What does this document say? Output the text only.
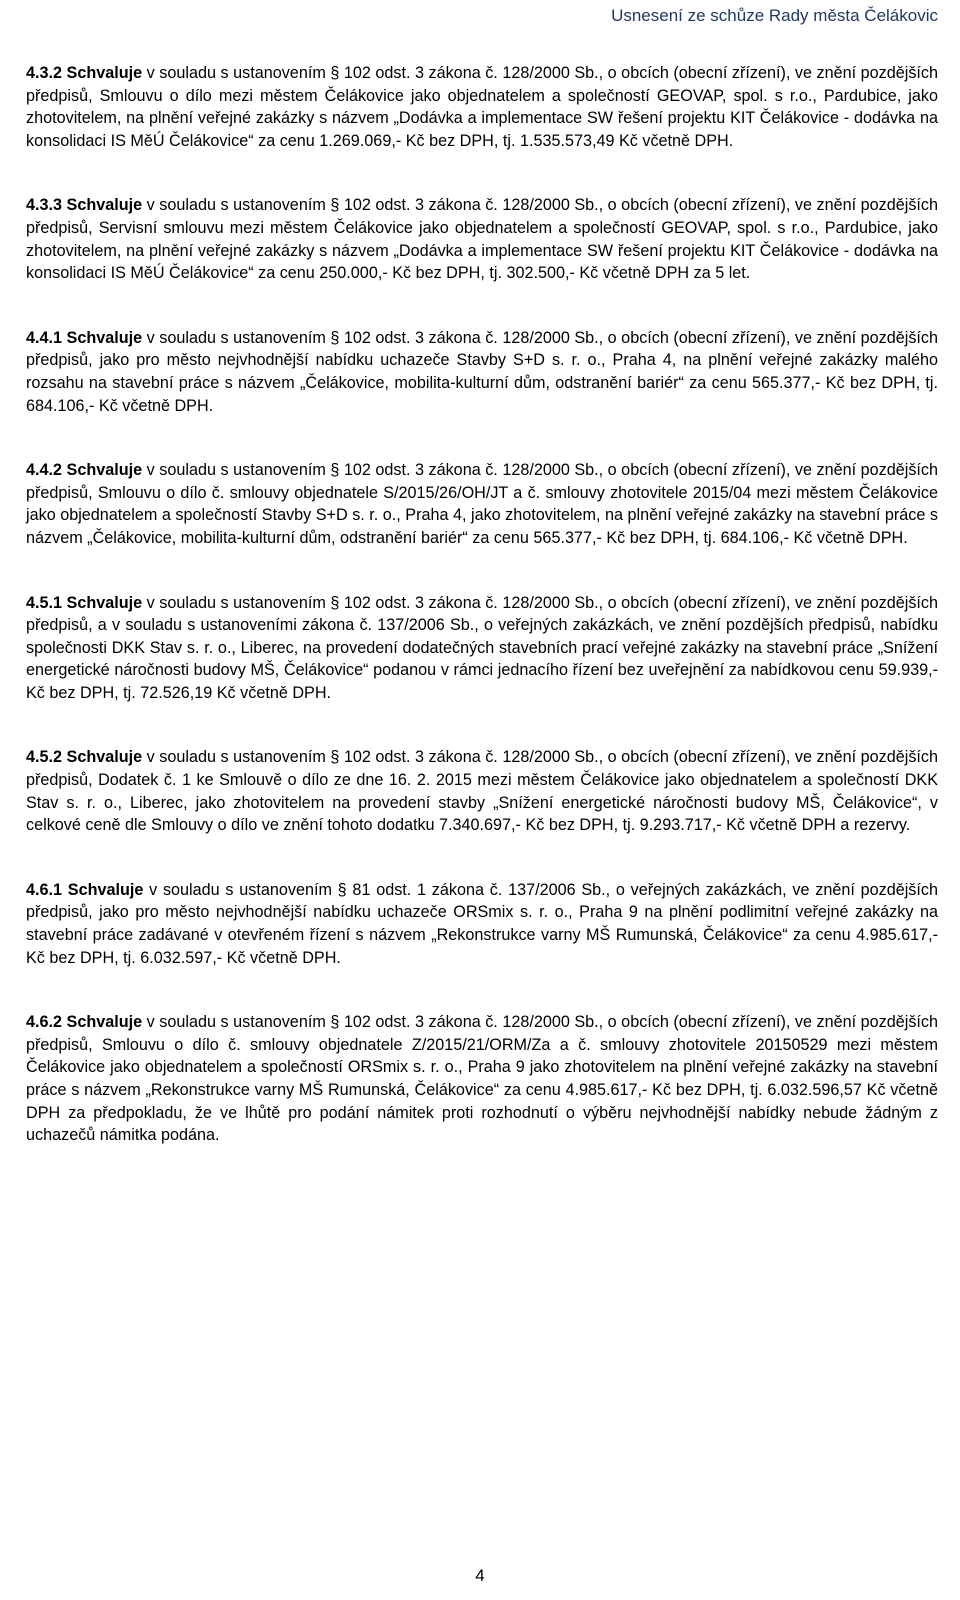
Usnesení ze schůze Rady města Čelákovic

4.3.2 Schvaluje v souladu s ustanovením § 102 odst. 3 zákona č. 128/2000 Sb., o obcích (obecní zřízení), ve znění pozdějších předpisů, Smlouvu o dílo mezi městem Čelákovice jako objednatelem a společností GEOVAP, spol. s r.o., Pardubice, jako zhotovitelem, na plnění veřejné zakázky s názvem „Dodávka a implementace SW řešení projektu KIT Čelákovice - dodávka na konsolidaci IS MěÚ Čelákovice“ za cenu 1.269.069,- Kč bez DPH, tj. 1.535.573,49 Kč včetně DPH.

4.3.3 Schvaluje v souladu s ustanovením § 102 odst. 3 zákona č. 128/2000 Sb., o obcích (obecní zřízení), ve znění pozdějších předpisů, Servisní smlouvu mezi městem Čelákovice jako objednatelem a společností GEOVAP, spol. s r.o., Pardubice, jako zhotovitelem, na plnění veřejné zakázky s názvem „Dodávka a implementace SW řešení projektu KIT Čelákovice - dodávka na konsolidaci IS MěÚ Čelákovice“ za cenu 250.000,- Kč bez DPH, tj. 302.500,- Kč včetně DPH za 5 let.

4.4.1 Schvaluje v souladu s ustanovením § 102 odst. 3 zákona č. 128/2000 Sb., o obcích (obecní zřízení), ve znění pozdějších předpisů, jako pro město nejvhodnější nabídku uchazeče Stavby S+D s. r. o., Praha 4, na plnění veřejné zakázky malého rozsahu na stavební práce s názvem „Čelákovice, mobilita-kulturní dům, odstranění bariér“ za cenu 565.377,- Kč bez DPH, tj. 684.106,- Kč včetně DPH.

4.4.2 Schvaluje v souladu s ustanovením § 102 odst. 3 zákona č. 128/2000 Sb., o obcích (obecní zřízení), ve znění pozdějších předpisů, Smlouvu o dílo č. smlouvy objednatele S/2015/26/OH/JT a č. smlouvy zhotovitele 2015/04 mezi městem Čelákovice jako objednatelem a společností Stavby S+D s. r. o., Praha 4, jako zhotovitelem, na plnění veřejné zakázky na stavební práce s názvem „Čelákovice, mobilita-kulturní dům, odstranění bariér“ za cenu 565.377,- Kč bez DPH, tj. 684.106,- Kč včetně DPH.

4.5.1 Schvaluje v souladu s ustanovením § 102 odst. 3 zákona č. 128/2000 Sb., o obcích (obecní zřízení), ve znění pozdějších předpisů, a v souladu s ustanoveními zákona č. 137/2006 Sb., o veřejných zakázkách, ve znění pozdějších předpisů, nabídku společnosti DKK Stav s. r. o., Liberec, na provedení dodatečných stavebních prací veřejné zakázky na stavební práce „Snížení energetické náročnosti budovy MŠ, Čelákovice“ podanou v rámci jednacího řízení bez uveřejnění za nabídkovou cenu 59.939,- Kč bez DPH, tj. 72.526,19 Kč včetně DPH.

4.5.2 Schvaluje v souladu s ustanovením § 102 odst. 3 zákona č. 128/2000 Sb., o obcích (obecní zřízení), ve znění pozdějších předpisů, Dodatek č. 1 ke Smlouvě o dílo ze dne 16. 2. 2015 mezi městem Čelákovice jako objednatelem a společností DKK Stav s. r. o., Liberec, jako zhotovitelem na provedení stavby „Snížení energetické náročnosti budovy MŠ, Čelákovice“, v celkové ceně dle Smlouvy o dílo ve znění tohoto dodatku 7.340.697,- Kč bez DPH, tj. 9.293.717,- Kč včetně DPH a rezervy.

4.6.1 Schvaluje v souladu s ustanovením § 81 odst. 1 zákona č. 137/2006 Sb., o veřejných zakázkách, ve znění pozdějších předpisů, jako pro město nejvhodnější nabídku uchazeče ORSmix s. r. o., Praha 9 na plnění podlimitní veřejné zakázky na stavební práce zadávané v otevřeném řízení s názvem „Rekonstrukce varny MŠ Rumunská, Čelákovice“ za cenu 4.985.617,- Kč bez DPH, tj. 6.032.597,- Kč včetně DPH.

4.6.2 Schvaluje v souladu s ustanovením § 102 odst. 3 zákona č. 128/2000 Sb., o obcích (obecní zřízení), ve znění pozdějších předpisů, Smlouvu o dílo č. smlouvy objednatele Z/2015/21/ORM/Za a č. smlouvy zhotovitele 20150529 mezi městem Čelákovice jako objednatelem a společností ORSmix s. r. o., Praha 9 jako zhotovitelem na plnění veřejné zakázky na stavební práce s názvem „Rekonstrukce varny MŠ Rumunská, Čelákovice“ za cenu 4.985.617,- Kč bez DPH, tj. 6.032.596,57 Kč včetně DPH za předpokladu, že ve lhůtě pro podání námitek proti rozhodnutí o výběru nejvhodnější nabídky nebude žádným z uchazečů námitka podána.

4
